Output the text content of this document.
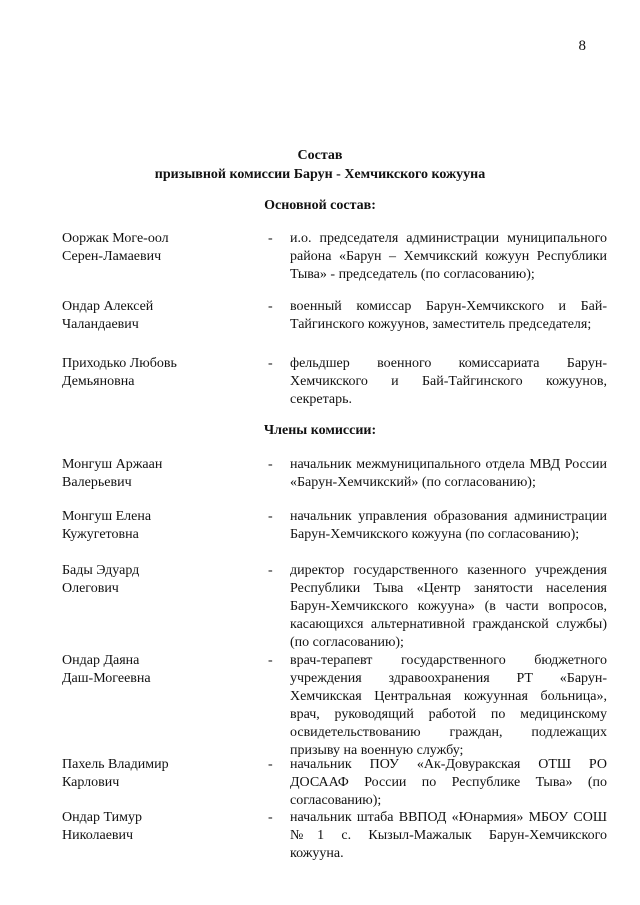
8
Состав
призывной комиссии Барун - Хемчикского кожууна
Основной состав:
Ооржак Моге-оол
Серен-Ламаевич
- и.о. председателя администрации муниципального района «Барун – Хемчикский кожуун Республики Тыва» - председатель (по согласованию);
Ондар Алексей
Чаландаевич
- военный комиссар Барун-Хемчикского и Бай-Тайгинского кожуунов, заместитель председателя;
Приходько Любовь
Демьяновна
- фельдшер военного комиссариата Барун-Хемчикского и Бай-Тайгинского кожуунов, секретарь.
Члены комиссии:
Монгуш Аржаан
Валерьевич
- начальник межмуниципального отдела МВД России «Барун-Хемчикский» (по согласованию);
Монгуш Елена
Кужугетовна
- начальник управления образования администрации Барун-Хемчикского кожууна (по согласованию);
Бады Эдуард
Олегович
- директор государственного казенного учреждения Республики Тыва «Центр занятости населения Барун-Хемчикского кожууна» (в части вопросов, касающихся альтернативной гражданской службы) (по согласованию);
Ондар Даяна
Даш-Могеевна
- врач-терапевт государственного бюджетного учреждения здравоохранения РТ «Барун-Хемчикская Центральная кожуунная больница», врач, руководящий работой по медицинскому освидетельствованию граждан, подлежащих призыву на военную службу;
Пахель Владимир
Карлович
- начальник ПОУ «Ак-Довуракская ОТШ РО ДОСААФ России по Республике Тыва» (по согласованию);
Ондар Тимур
Николаевич
- начальник штаба ВВПОД «Юнармия» МБОУ СОШ №1 с. Кызыл-Мажалык Барун-Хемчикского кожууна.
